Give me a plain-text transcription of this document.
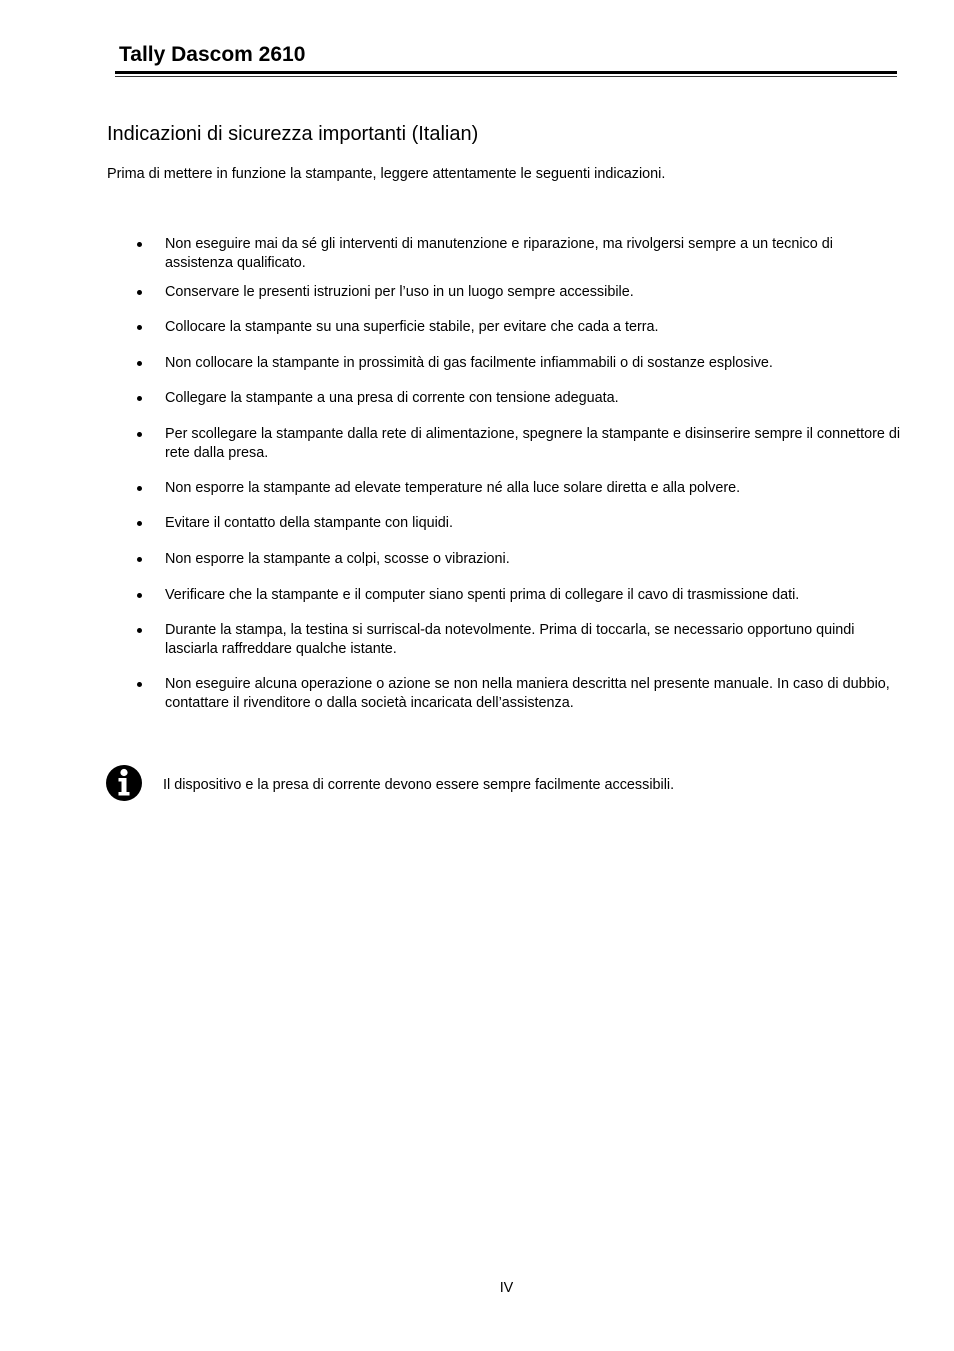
Tally Dascom 2610
Indicazioni di sicurezza importanti (Italian)
Prima di mettere in funzione la stampante, leggere attentamente le seguenti indicazioni.
Non eseguire mai da sé gli interventi di manutenzione e riparazione, ma rivolgersi sempre a un tecnico di assistenza qualificato.
Conservare le presenti istruzioni per l’uso in un luogo sempre accessibile.
Collocare la stampante su una superficie stabile, per evitare che cada a terra.
Non collocare la stampante in prossimità di gas facilmente infiammabili o di sostanze esplosive.
Collegare la stampante a una presa di corrente con tensione adeguata.
Per scollegare la stampante dalla rete di alimentazione, spegnere la stampante e disinserire sempre il connettore di rete dalla presa.
Non esporre la stampante ad elevate temperature né alla luce solare diretta e alla polvere.
Evitare il contatto della stampante con liquidi.
Non esporre la stampante a colpi, scosse o vibrazioni.
Verificare che la stampante e il computer siano spenti prima di collegare il cavo di trasmissione dati.
Durante la stampa, la testina si surriscal-da notevolmente. Prima di toccarla, se necessario opportuno quindi lasciarla raffreddare qualche istante.
Non eseguire alcuna operazione o azione se non nella maniera descritta nel presente manuale. In caso di dubbio, contattare il rivenditore o dalla società incaricata dell’assistenza.
Il dispositivo e la presa di corrente devono essere sempre facilmente accessibili.
IV
